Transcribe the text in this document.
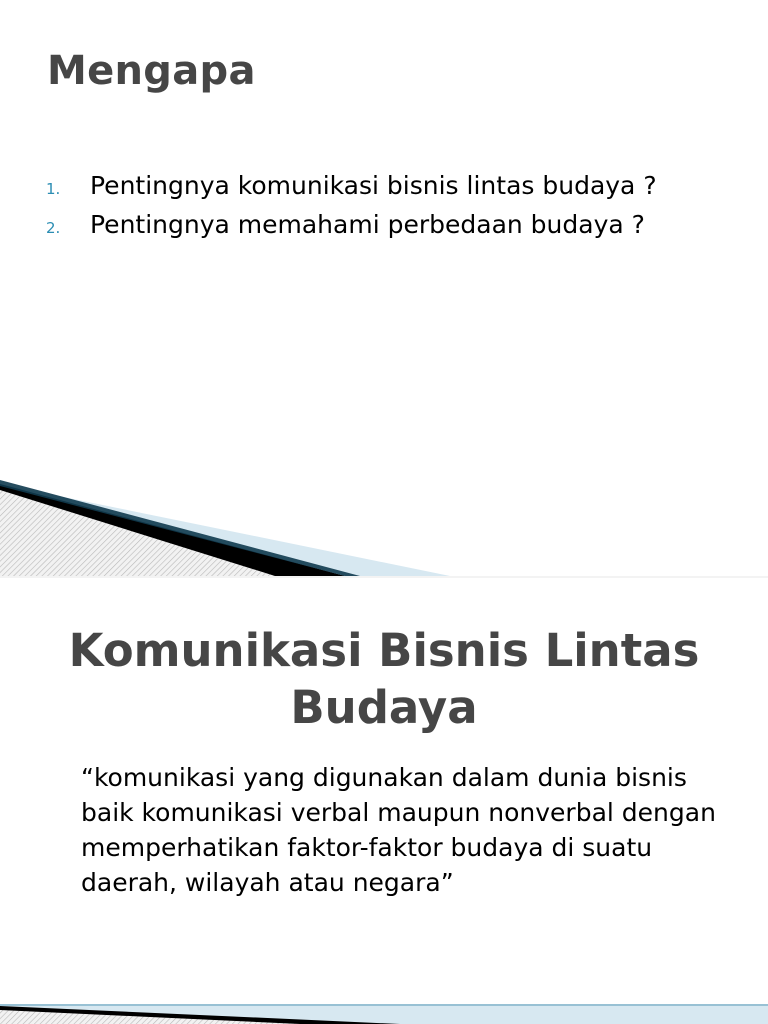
Mengapa
1. Pentingnya komunikasi bisnis lintas budaya ?
2. Pentingnya memahami perbedaan budaya ?
Komunikasi Bisnis Lintas Budaya

“komunikasi yang digunakan dalam dunia bisnis baik komunikasi verbal maupun nonverbal dengan memperhatikan faktor-faktor budaya di suatu daerah, wilayah atau negara”
